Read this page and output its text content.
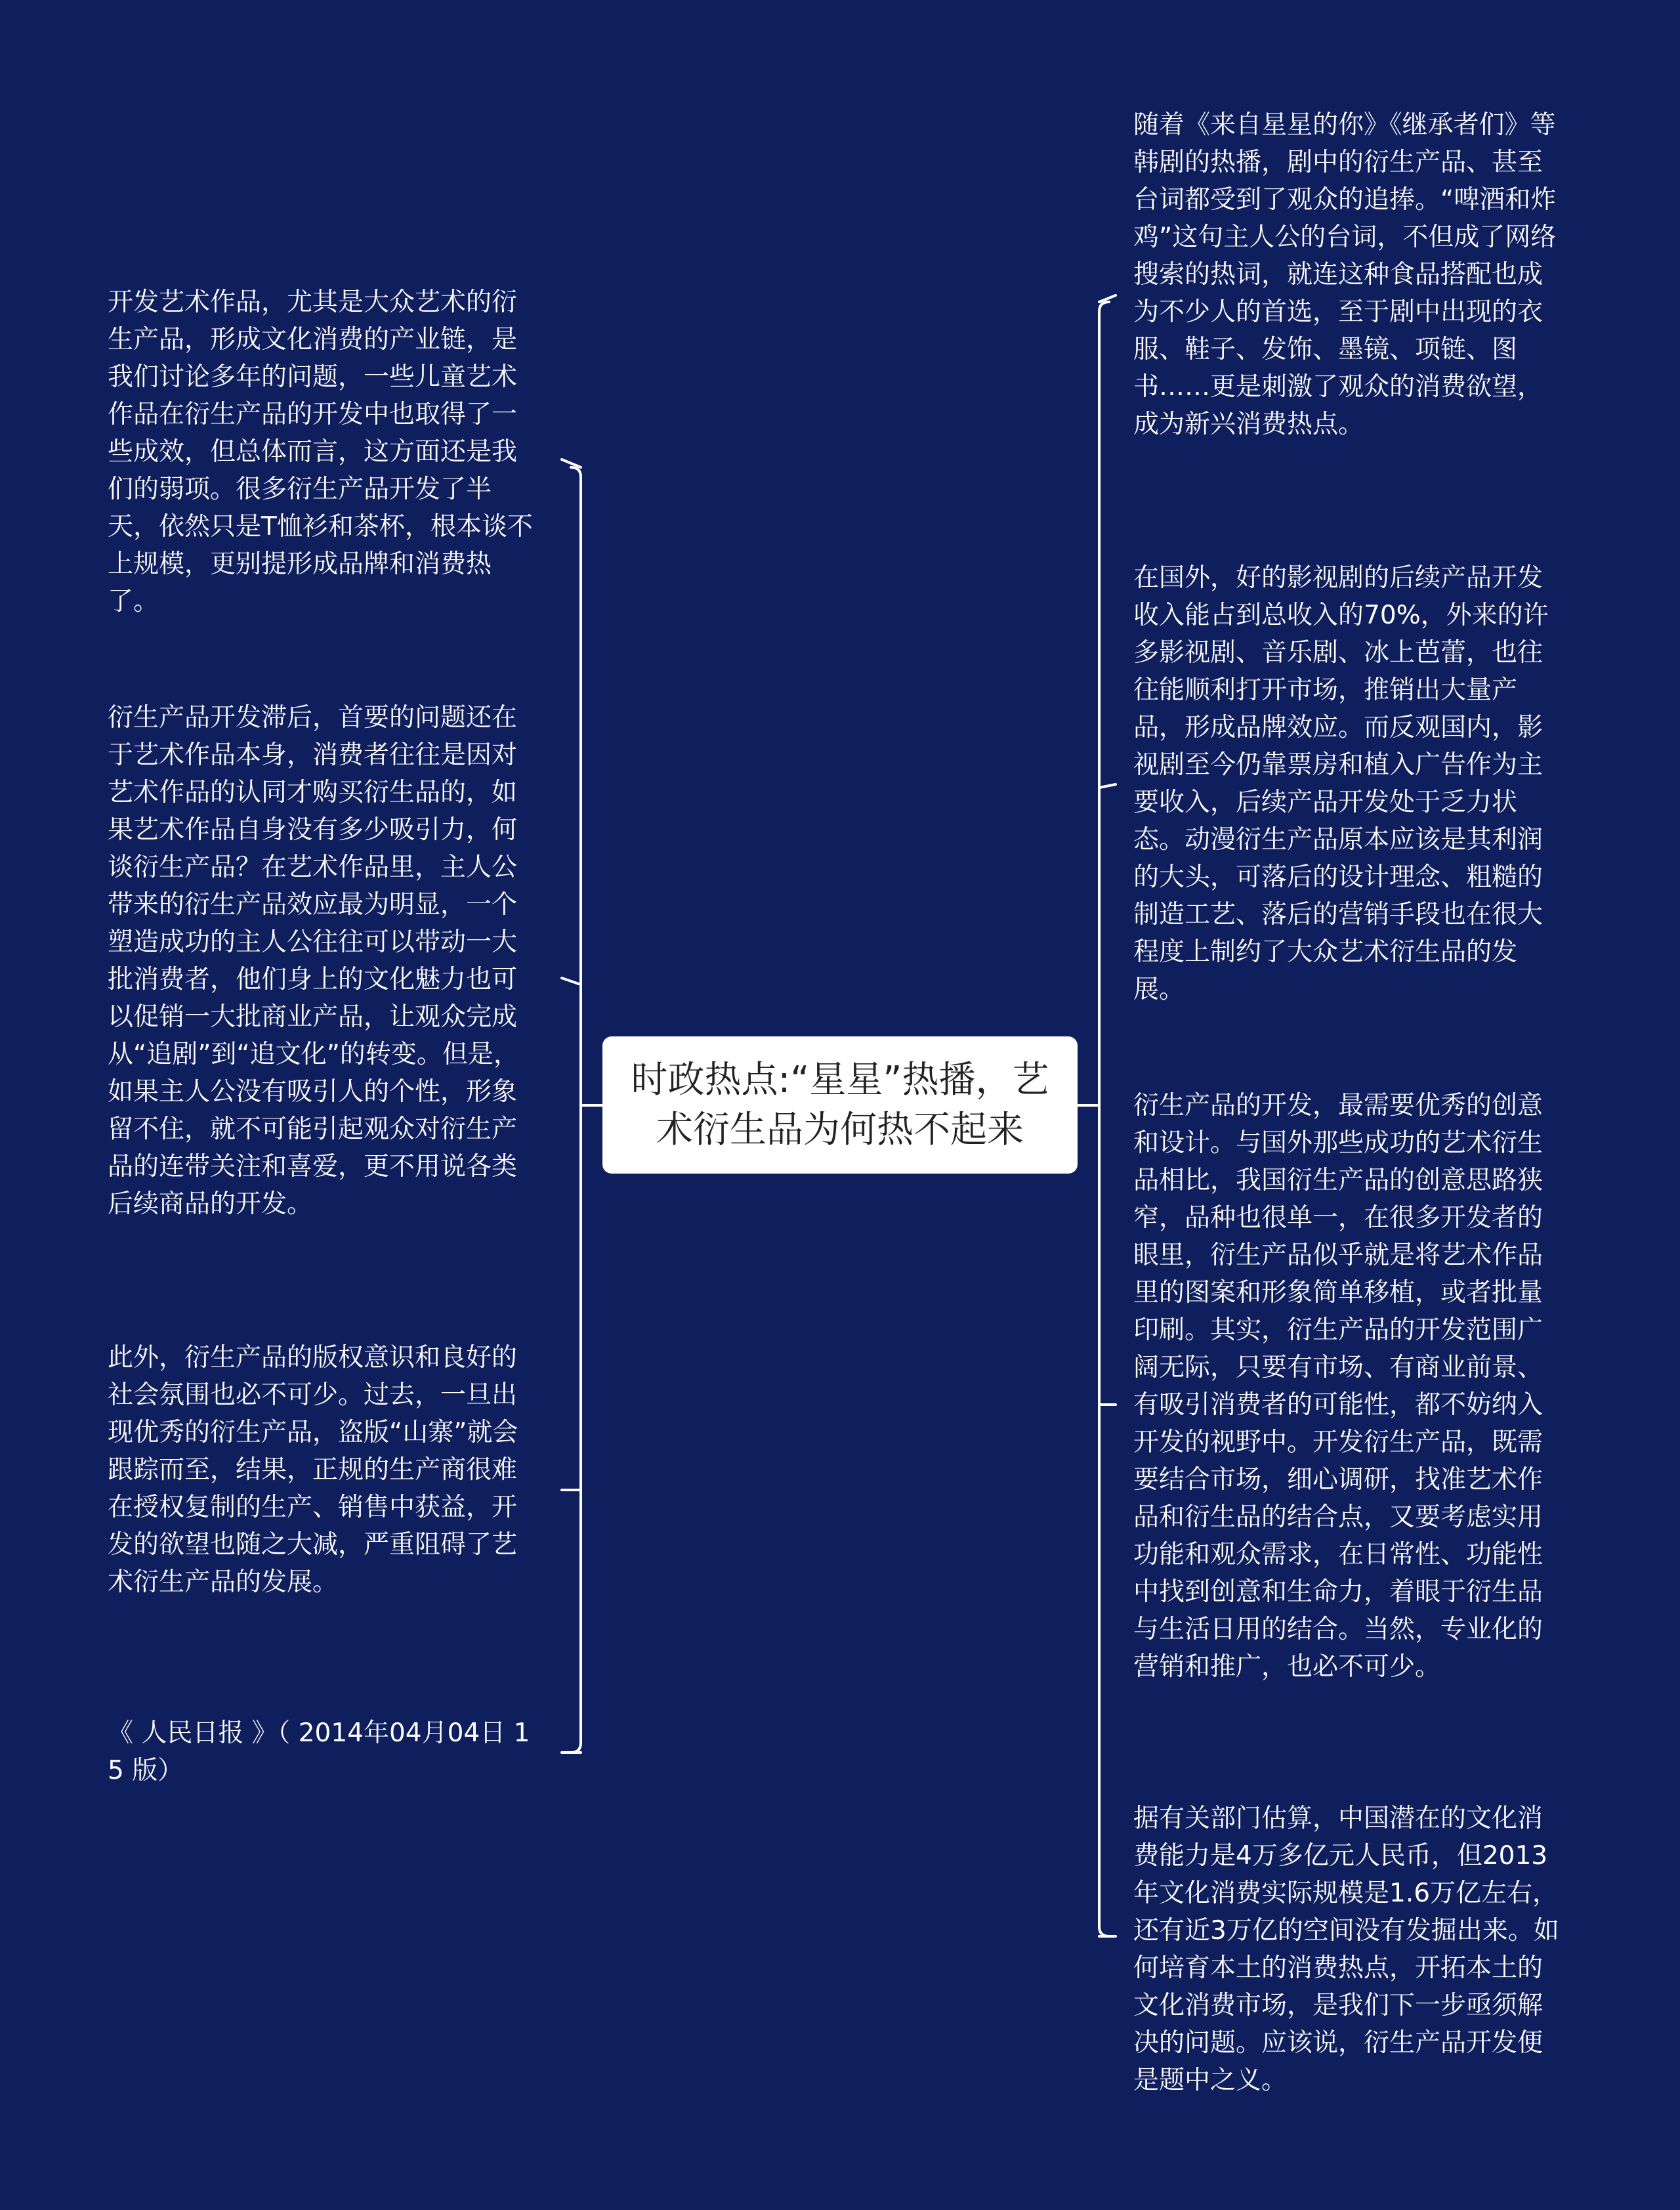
开发艺术作品，尤其是大众艺术的衍生产品，形成文化消费的产业链，是我们讨论多年的问题，一些儿童艺术作品在衍生产品的开发中也取得了一些成效，但总体而言，这方面还是我们的弱项。很多衍生产品开发了半天，依然只是T恤衫和茶杯，根本谈不上规模，更别提形成品牌和消费热了。
衍生产品开发滞后，首要的问题还在于艺术作品本身，消费者往往是因对艺术作品的认同才购买衍生品的，如果艺术作品自身没有多少吸引力，何谈衍生产品？在艺术作品里，主人公带来的衍生产品效应最为明显，一个塑造成功的主人公往往可以带动一大批消费者，他们身上的文化魅力也可以促销一大批商业产品，让观众完成从“追剧”到“追文化”的转变。但是，如果主人公没有吸引人的个性，形象留不住，就不可能引起观众对衍生产品的连带关注和喜爱，更不用说各类后续商品的开发。
此外，衍生产品的版权意识和良好的社会氛围也必不可少。过去，一旦出现优秀的衍生产品，盗版“山寨”就会跟踪而至，结果，正规的生产商很难在授权复制的生产、销售中获益，开发的欲望也随之大减，严重阻碍了艺术衍生产品的发展。
《 人民日报 》（ 2014年04月04日 15 版）
时政热点:“星星”热播，艺术衍生品为何热不起来
随着《来自星星的你》《继承者们》等韩剧的热播，剧中的衍生产品、甚至台词都受到了观众的追捧。“啤酒和炸鸡”这句主人公的台词，不但成了网络搜索的热词，就连这种食品搭配也成为不少人的首选，至于剧中出现的衣服、鞋子、发饰、墨镜、项链、图书……更是刺激了观众的消费欲望，成为新兴消费热点。
在国外，好的影视剧的后续产品开发收入能占到总收入的70%，外来的许多影视剧、音乐剧、冰上芭蕾，也往往能顺利打开市场，推销出大量产品，形成品牌效应。而反观国内，影视剧至今仍靠票房和植入广告作为主要收入，后续产品开发处于乏力状态。动漫衍生产品原本应该是其利润的大头，可落后的设计理念、粗糙的制造工艺、落后的营销手段也在很大程度上制约了大众艺术衍生品的发展。
衍生产品的开发，最需要优秀的创意和设计。与国外那些成功的艺术衍生品相比，我国衍生产品的创意思路狭窄，品种也很单一，在很多开发者的眼里，衍生产品似乎就是将艺术作品里的图案和形象简单移植，或者批量印刷。其实，衍生产品的开发范围广阔无际，只要有市场、有商业前景、有吸引消费者的可能性，都不妨纳入开发的视野中。开发衍生产品，既需要结合市场，细心调研，找准艺术作品和衍生品的结合点，又要考虑实用功能和观众需求，在日常性、功能性中找到创意和生命力，着眼于衍生品与生活日用的结合。当然，专业化的营销和推广，也必不可少。
据有关部门估算，中国潜在的文化消费能力是4万多亿元人民币，但2013年文化消费实际规模是1.6万亿左右，还有近3万亿的空间没有发掘出来。如何培育本土的消费热点，开拓本土的文化消费市场，是我们下一步亟须解决的问题。应该说，衍生产品开发便是题中之义。
